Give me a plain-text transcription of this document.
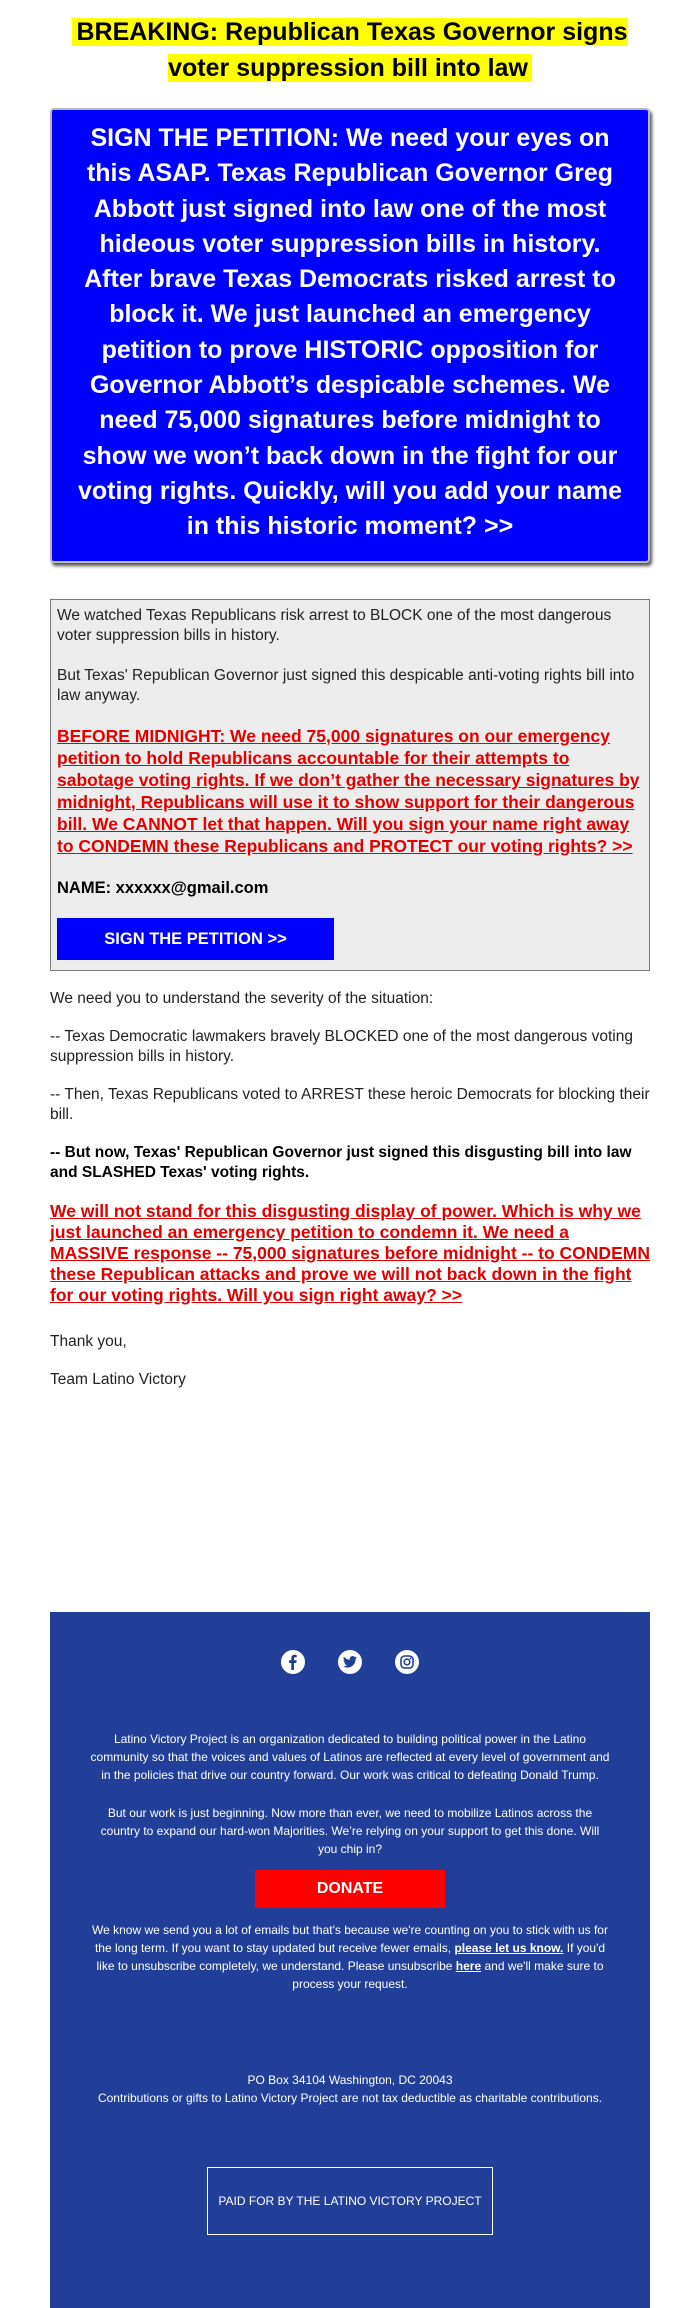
BREAKING: Republican Texas Governor signs voter suppression bill into law
SIGN THE PETITION: We need your eyes on this ASAP. Texas Republican Governor Greg Abbott just signed into law one of the most hideous voter suppression bills in history. After brave Texas Democrats risked arrest to block it. We just launched an emergency petition to prove HISTORIC opposition for Governor Abbott’s despicable schemes. We need 75,000 signatures before midnight to show we won’t back down in the fight for our voting rights. Quickly, will you add your name in this historic moment? >>

We watched Texas Republicans risk arrest to BLOCK one of the most dangerous voter suppression bills in history.

But Texas' Republican Governor just signed this despicable anti-voting rights bill into law anyway.

BEFORE MIDNIGHT: We need 75,000 signatures on our emergency petition to hold Republicans accountable for their attempts to sabotage voting rights. If we don’t gather the necessary signatures by midnight, Republicans will use it to show support for their dangerous bill. We CANNOT let that happen. Will you sign your name right away to CONDEMN these Republicans and PROTECT our voting rights? >>

NAME: xxxxxx@gmail.com

SIGN THE PETITION >>

We need you to understand the severity of the situation:

-- Texas Democratic lawmakers bravely BLOCKED one of the most dangerous voting suppression bills in history.

-- Then, Texas Republicans voted to ARREST these heroic Democrats for blocking their bill.

-- But now, Texas' Republican Governor just signed this disgusting bill into law and SLASHED Texas' voting rights.

We will not stand for this disgusting display of power. Which is why we just launched an emergency petition to condemn it. We need a MASSIVE response -- 75,000 signatures before midnight -- to CONDEMN these Republican attacks and prove we will not back down in the fight for our voting rights. Will you sign right away? >>

Thank you,

Team Latino Victory

Latino Victory Project is an organization dedicated to building political power in the Latino community so that the voices and values of Latinos are reflected at every level of government and in the policies that drive our country forward. Our work was critical to defeating Donald Trump.

But our work is just beginning. Now more than ever, we need to mobilize Latinos across the country to expand our hard-won Majorities. We’re relying on your support to get this done. Will you chip in?

DONATE

We know we send you a lot of emails but that's because we're counting on you to stick with us for the long term. If you want to stay updated but receive fewer emails, please let us know. If you'd like to unsubscribe completely, we understand. Please unsubscribe here and we'll make sure to process your request.

PO Box 34104 Washington, DC 20043

Contributions or gifts to Latino Victory Project are not tax deductible as charitable contributions.

PAID FOR BY THE LATINO VICTORY PROJECT
